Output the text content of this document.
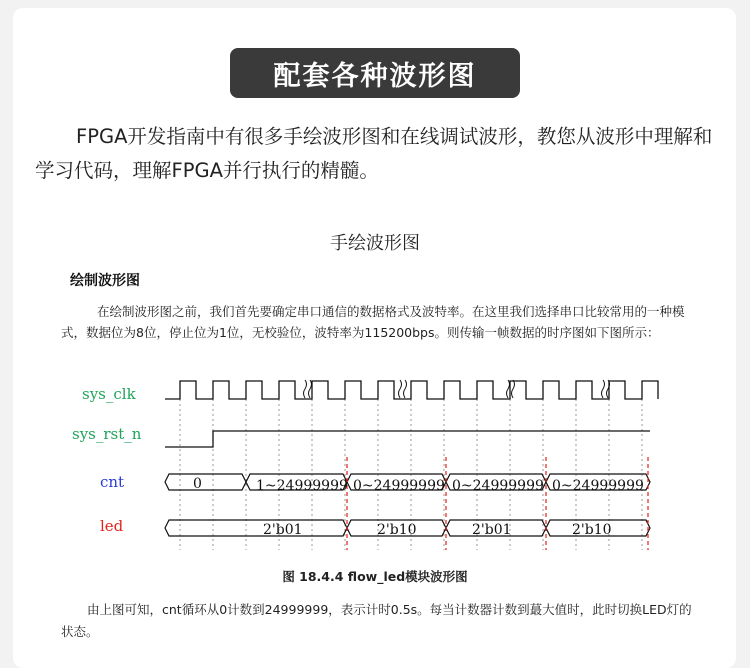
配套各种波形图

FPGA开发指南中有很多手绘波形图和在线调试波形，教您从波形中理解和学习代码，理解FPGA并行执行的精髓。

手绘波形图
绘制波形图

在绘制波形图之前，我们首先要确定串口通信的数据格式及波特率。在这里我们选择串口比较常用的一种模式，数据位为8位，停止位为1位，无校验位，波特率为115200bps。则传输一帧数据的时序图如下图所示：

sys_clk
sys_rst_n
cnt
led
0	1~24999999 0~24999999 0~24999999 0~24999999
2'b01	2'b10	2'b01	2'b10
图 18.4.4 flow_led模块波形图

由上图可知，cnt循环从0计数到24999999，表示计时0.5s。每当计数器计数到蕞大值时，此时切换LED灯的状态。
